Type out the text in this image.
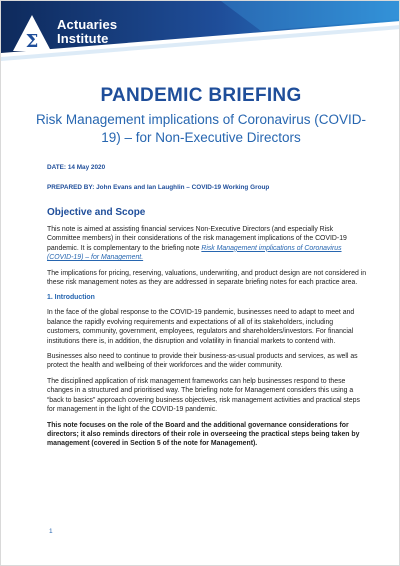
Σ
Actuaries
Institute
PANDEMIC BRIEFING
Risk Management implications of Coronavirus (COVID-19) – for Non-Executive Directors
DATE: 14 May 2020
PREPARED BY: John Evans and Ian Laughlin – COVID-19 Working Group
Objective and Scope
This note is aimed at assisting financial services Non-Executive Directors (and especially Risk Committee members) in their considerations of the risk management implications of the COVID-19 pandemic. It is complementary to the briefing note Risk Management implications of Coronavirus (COVID-19) – for Management.
The implications for pricing, reserving, valuations, underwriting, and product design are not considered in these risk management notes as they are addressed in separate briefing notes for each practice area.
1. Introduction
In the face of the global response to the COVID-19 pandemic, businesses need to adapt to meet and balance the rapidly evolving requirements and expectations of all of its stakeholders, including customers, community, government, employees, regulators and shareholders/investors. For financial institutions there is, in addition, the disruption and volatility in financial markets to contend with.
Businesses also need to continue to provide their business-as-usual products and services, as well as protect the health and wellbeing of their workforces and the wider community.
The disciplined application of risk management frameworks can help businesses respond to these changes in a structured and prioritised way. The briefing note for Management considers this using a “back to basics” approach covering business objectives, risk management activities and practical steps for management in the light of the COVID-19 pandemic.
This note focuses on the role of the Board and the additional governance considerations for directors; it also reminds directors of their role in overseeing the practical steps being taken by management (covered in Section 5 of the note for Management).
1
